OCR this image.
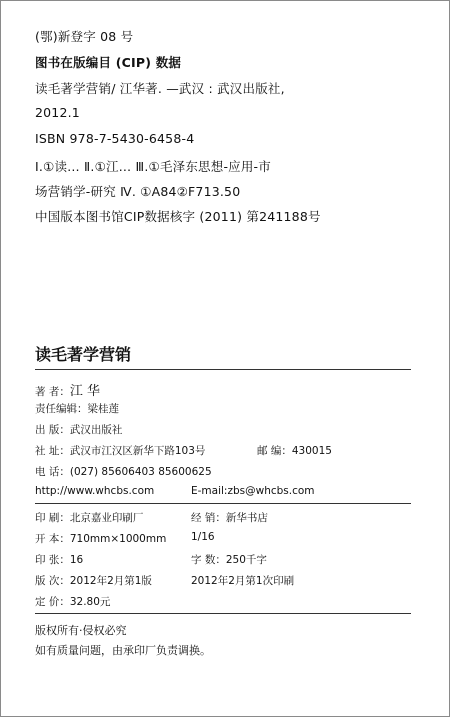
(鄂)新登字 08 号
图书在版编目 (CIP) 数据
读毛著学营销/ 江华著. —武汉 : 武汉出版社,
2012.1
ISBN 978-7-5430-6458-4
Ⅰ.①读… Ⅱ.①江… Ⅲ.①毛泽东思想-应用-市
场营销学-研究 Ⅳ. ①A84②F713.50
中国版本图书馆CIP数据核字 (2011) 第241188号
读毛著学营销
著 者：江 华
责任编辑：梁桂莲
出 版：武汉出版社
社 址：武汉市江汉区新华下路103号	邮 编：430015
电 话：(027) 85606403 85600625
http://www.whcbs.com	E-mail:zbs@whcbs.com
印 刷：北京嘉业印刷厂	经 销：新华书店
开 本：710mm×1000mm 1/16
印 张：16	字 数：250千字
版 次：2012年2月第1版	2012年2月第1次印刷
定 价：32.80元
版权所有·侵权必究
如有质量问题，由承印厂负责调换。
